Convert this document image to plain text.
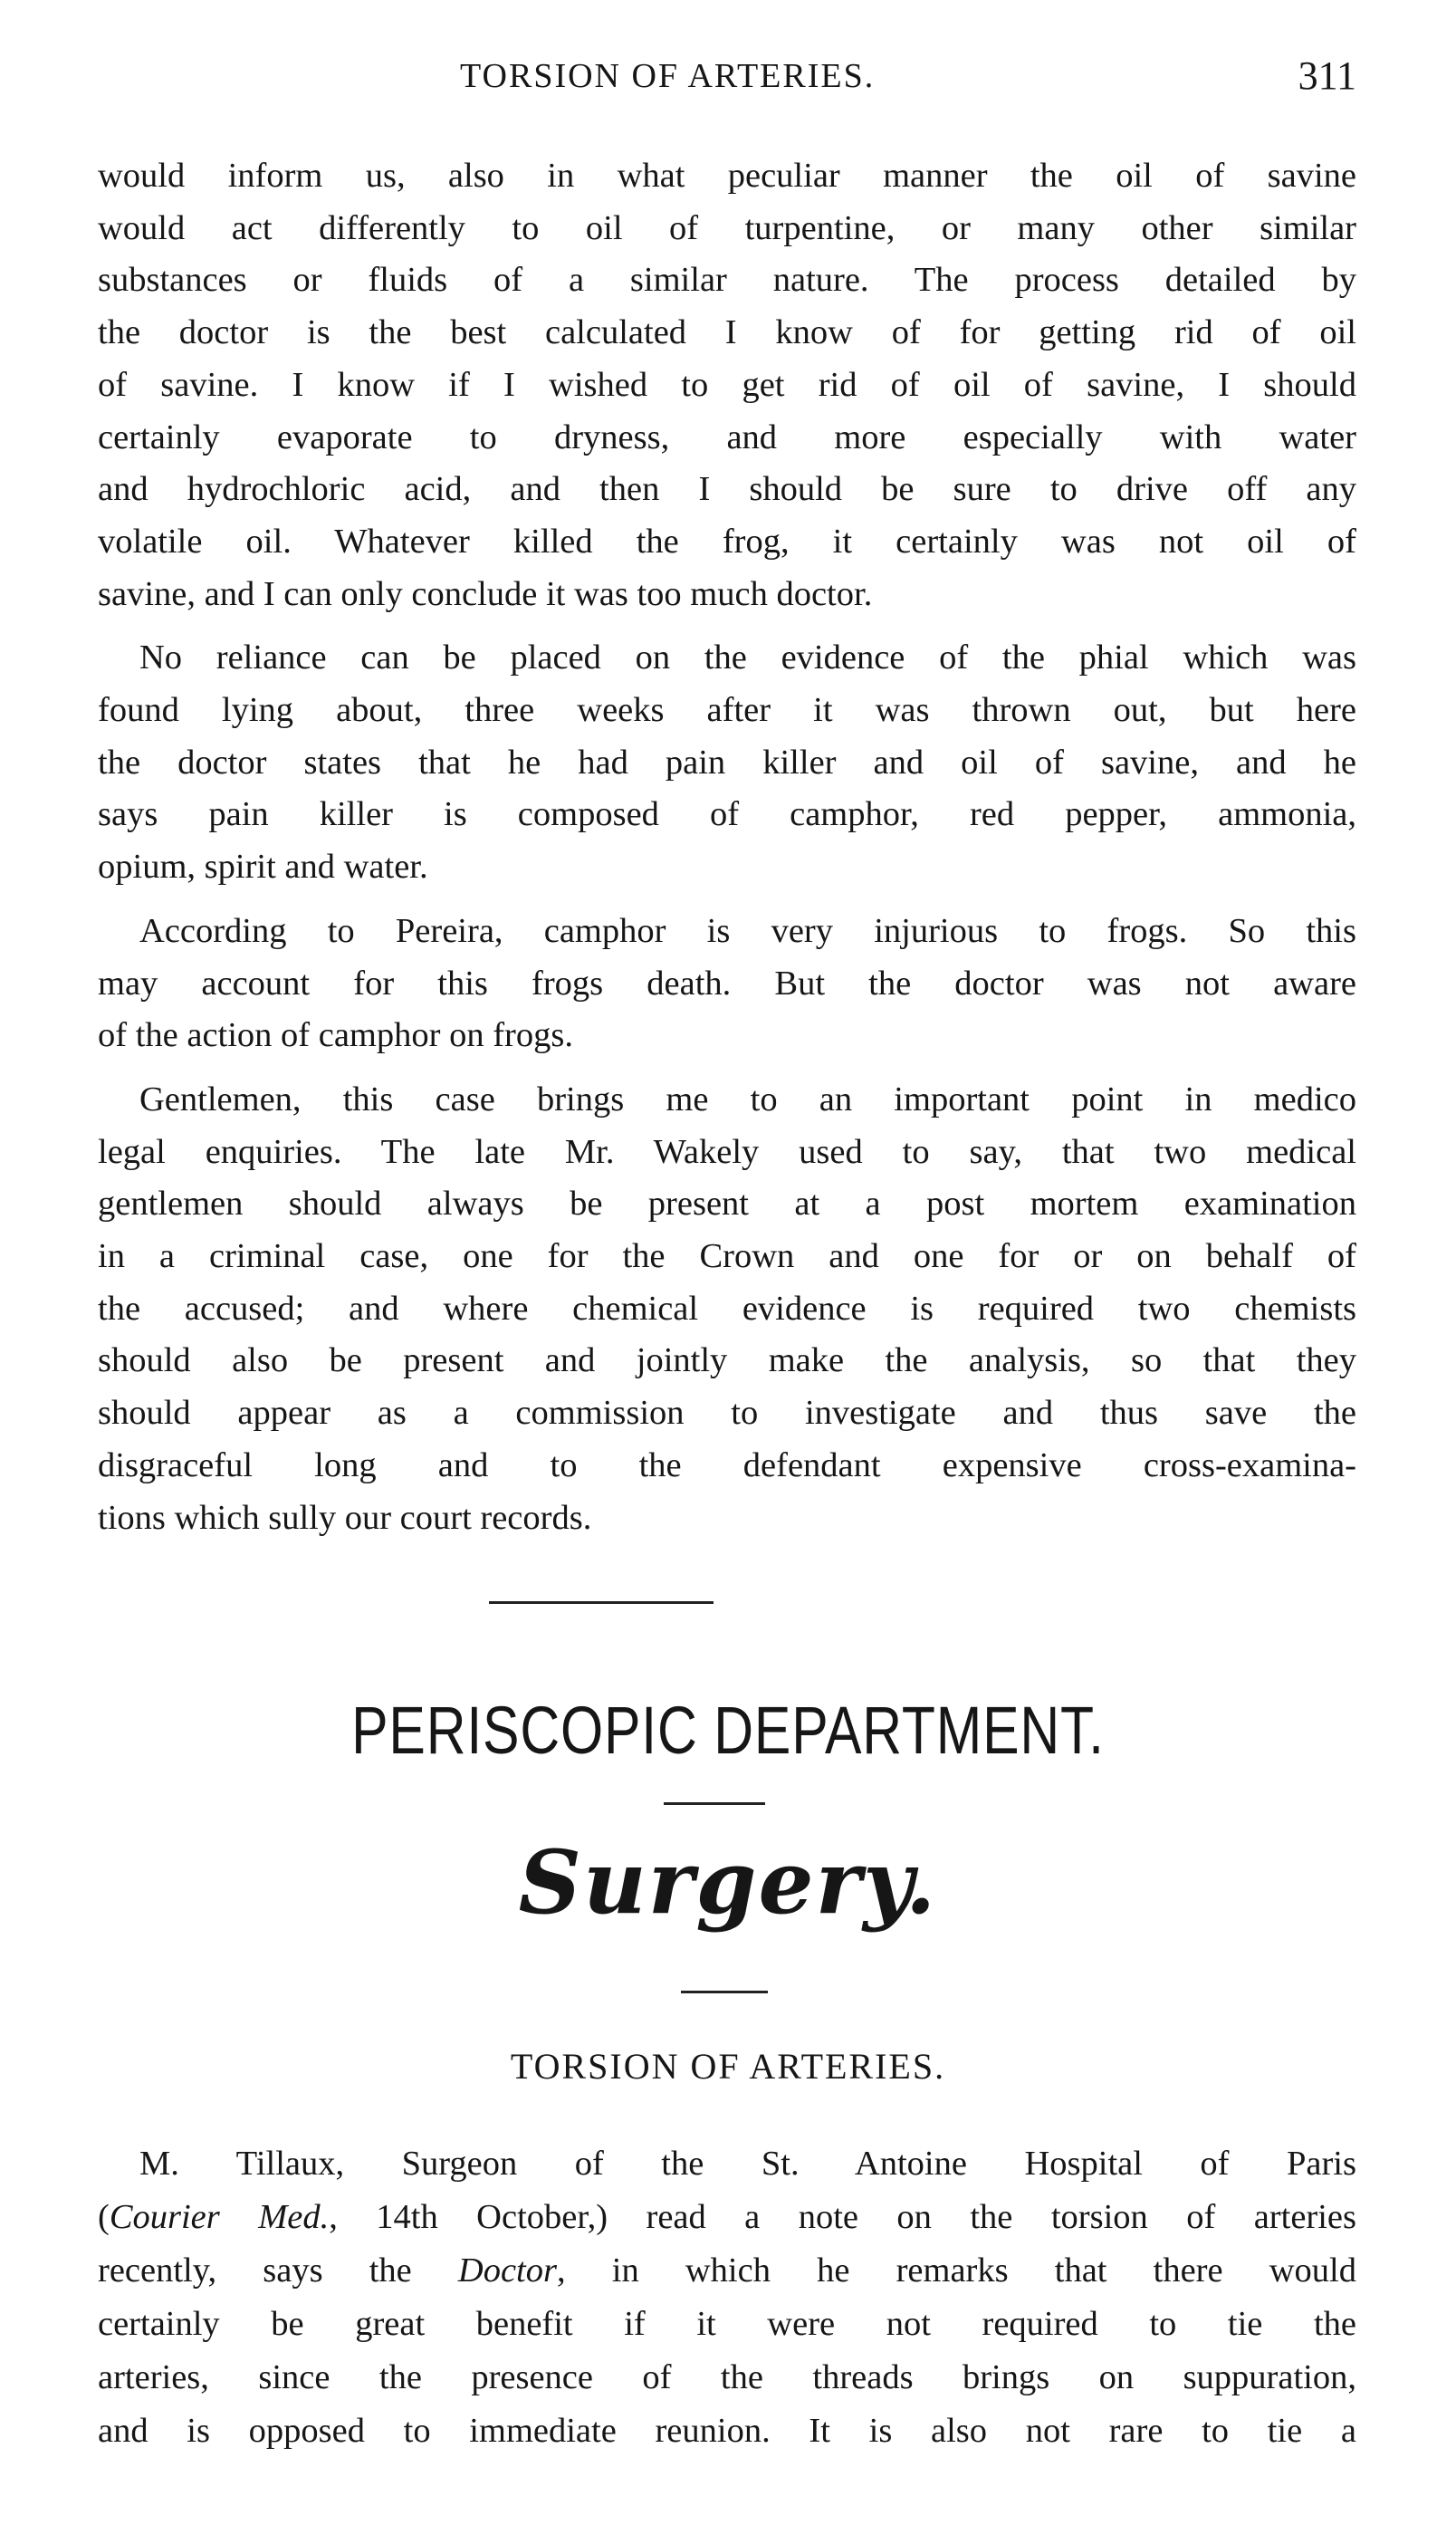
TORSION OF ARTERIES.	311

would inform us, also in what peculiar manner the oil of savine
would act differently to oil of turpentine, or many other similar
substances or fluids of a similar nature. The process detailed by
the doctor is the best calculated I know of for getting rid of oil
of savine. I know if I wished to get rid of oil of savine, I should
certainly evaporate to dryness, and more especially with water
and hydrochloric acid, and then I should be sure to drive off any
volatile oil. Whatever killed the frog, it certainly was not oil of
savine, and I can only conclude it was too much doctor.

No reliance can be placed on the evidence of the phial which was
found lying about, three weeks after it was thrown out, but here
the doctor states that he had pain killer and oil of savine, and he
says pain killer is composed of camphor, red pepper, ammonia,
opium, spirit and water.

According to Pereira, camphor is very injurious to frogs. So this
may account for this frogs death. But the doctor was not aware
of the action of camphor on frogs.

Gentlemen, this case brings me to an important point in medico
legal enquiries. The late Mr. Wakely used to say, that two medical
gentlemen should always be present at a post mortem examination
in a criminal case, one for the Crown and one for or on behalf of
the accused; and where chemical evidence is required two chemists
should also be present and jointly make the analysis, so that they
should appear as a commission to investigate and thus save the
disgraceful long and to the defendant expensive cross-examina-
tions which sully our court records.

PERISCOPIC DEPARTMENT.
Surgery.
TORSION OF ARTERIES.

M. Tillaux, Surgeon of the St. Antoine Hospital of Paris
(Courier Med., 14th October,) read a note on the torsion of arteries
recently, says the Doctor, in which he remarks that there would
certainly be great benefit if it were not required to tie the
arteries, since the presence of the threads brings on suppuration,
and is opposed to immediate reunion. It is also not rare to tie a
